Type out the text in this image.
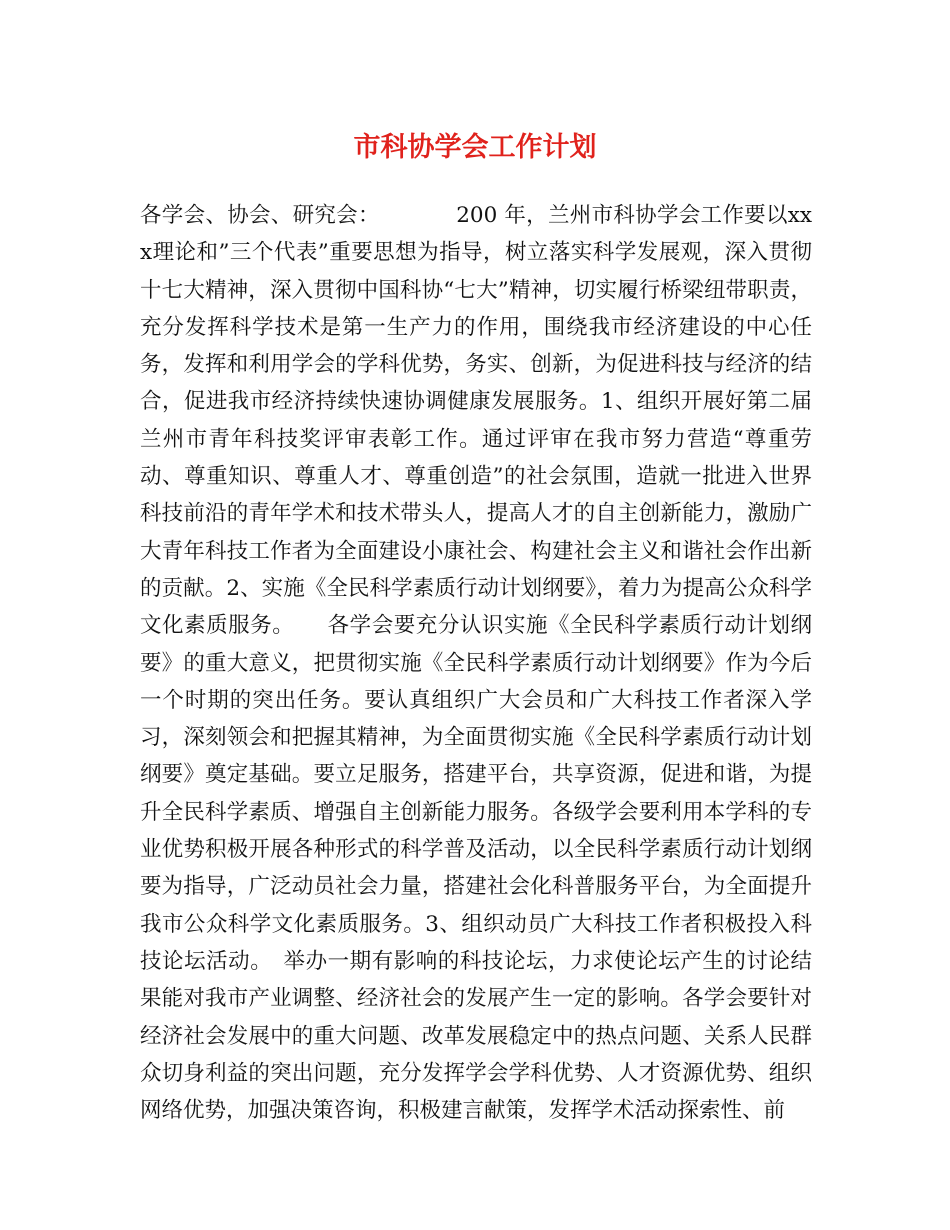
市科协学会工作计划

各学会、协会、研究会：　　　　200 年，兰州市科协学会工作要以xxx理论和”三个代表”重要思想为指导，树立落实科学发展观，深入贯彻十七大精神，深入贯彻中国科协“七大”精神，切实履行桥梁纽带职责，充分发挥科学技术是第一生产力的作用，围绕我市经济建设的中心任务，发挥和利用学会的学科优势，务实、创新，为促进科技与经济的结合，促进我市经济持续快速协调健康发展服务。1、组织开展好第二届兰州市青年科技奖评审表彰工作。通过评审在我市努力营造“尊重劳动、尊重知识、尊重人才、尊重创造”的社会氛围，造就一批进入世界科技前沿的青年学术和技术带头人，提高人才的自主创新能力，激励广大青年科技工作者为全面建设小康社会、构建社会主义和谐社会作出新的贡献。2、实施《全民科学素质行动计划纲要》，着力为提高公众科学文化素质服务。　　各学会要充分认识实施《全民科学素质行动计划纲要》的重大意义，把贯彻实施《全民科学素质行动计划纲要》作为今后一个时期的突出任务。要认真组织广大会员和广大科技工作者深入学习，深刻领会和把握其精神，为全面贯彻实施《全民科学素质行动计划纲要》奠定基础。要立足服务，搭建平台，共享资源，促进和谐，为提升全民科学素质、增强自主创新能力服务。各级学会要利用本学科的专业优势积极开展各种形式的科学普及活动，以全民科学素质行动计划纲要为指导，广泛动员社会力量，搭建社会化科普服务平台，为全面提升我市公众科学文化素质服务。3、组织动员广大科技工作者积极投入科技论坛活动。　举办一期有影响的科技论坛，力求使论坛产生的讨论结果能对我市产业调整、经济社会的发展产生一定的影响。各学会要针对经济社会发展中的重大问题、改革发展稳定中的热点问题、关系人民群众切身利益的突出问题，充分发挥学会学科优势、人才资源优势、组织网络优势，加强决策咨询，积极建言献策，发挥学术活动探索性、前
